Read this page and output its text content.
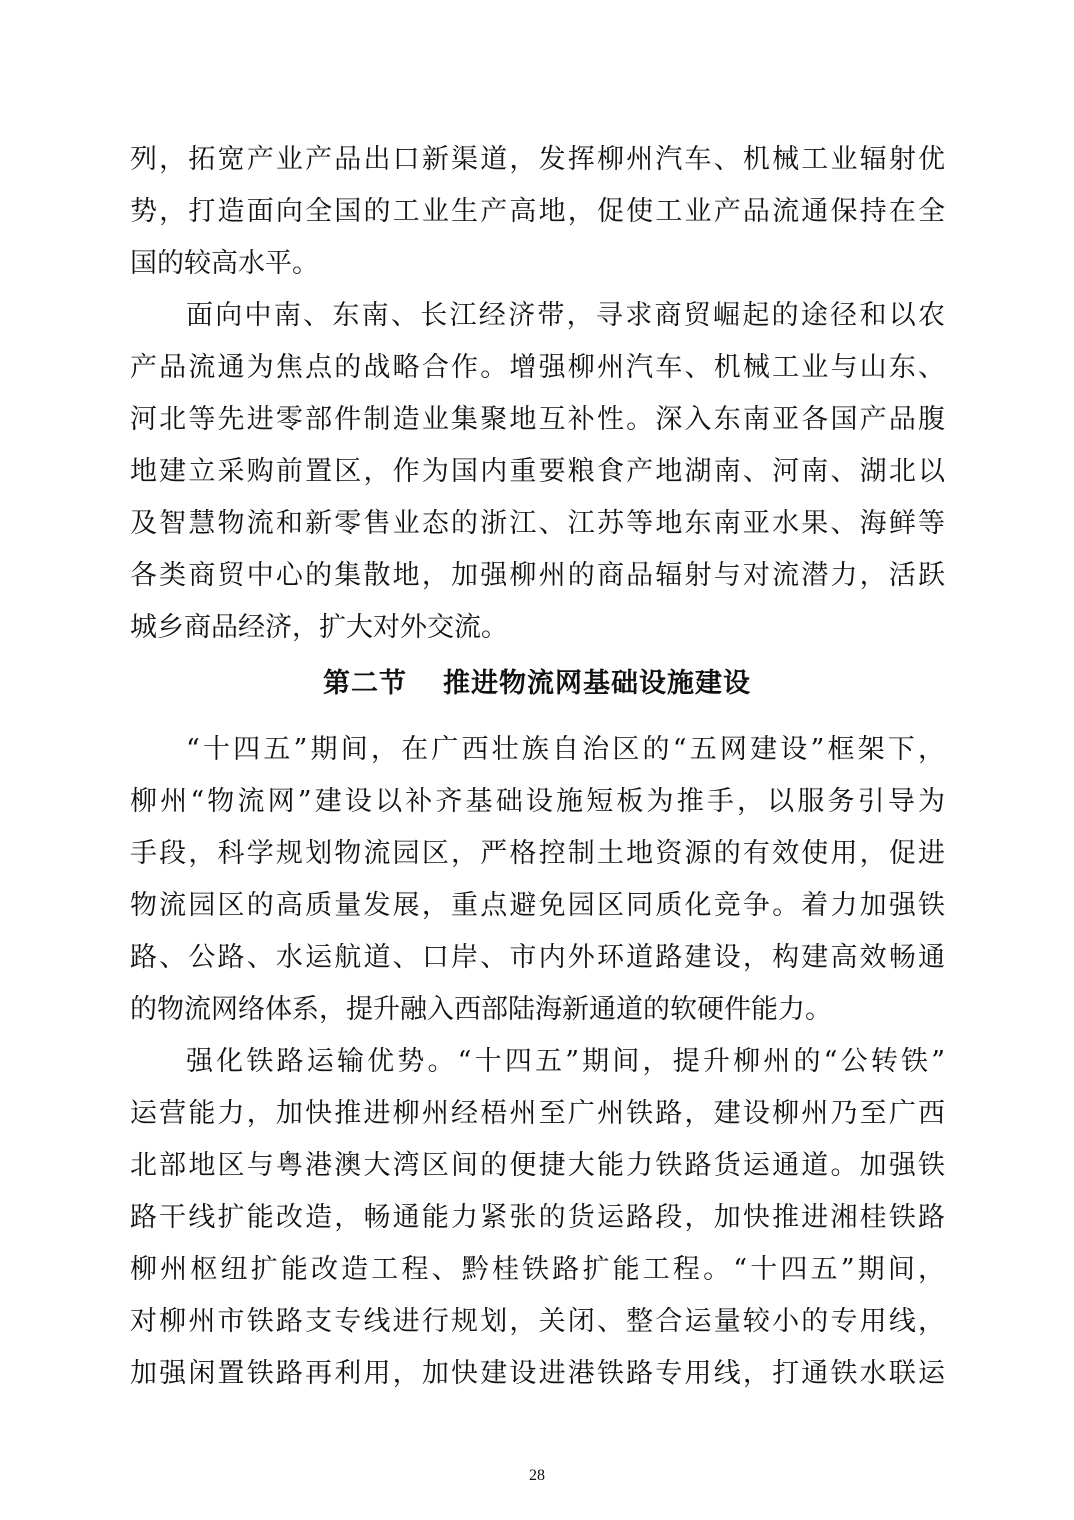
列，拓宽产业产品出口新渠道，发挥柳州汽车、机械工业辐射优
势，打造面向全国的工业生产高地，促使工业产品流通保持在全
国的较高水平。
面向中南、东南、长江经济带，寻求商贸崛起的途径和以农
产品流通为焦点的战略合作。增强柳州汽车、机械工业与山东、
河北等先进零部件制造业集聚地互补性。深入东南亚各国产品腹
地建立采购前置区，作为国内重要粮食产地湖南、河南、湖北以
及智慧物流和新零售业态的浙江、江苏等地东南亚水果、海鲜等
各类商贸中心的集散地，加强柳州的商品辐射与对流潜力，活跃
城乡商品经济，扩大对外交流。
第二节 推进物流网基础设施建设
“十四五”期间，在广西壮族自治区的“五网建设”框架下，
柳州“物流网”建设以补齐基础设施短板为推手，以服务引导为
手段，科学规划物流园区，严格控制土地资源的有效使用，促进
物流园区的高质量发展，重点避免园区同质化竞争。着力加强铁
路、公路、水运航道、口岸、市内外环道路建设，构建高效畅通
的物流网络体系，提升融入西部陆海新通道的软硬件能力。
强化铁路运输优势。“十四五”期间，提升柳州的“公转铁”
运营能力，加快推进柳州经梧州至广州铁路，建设柳州乃至广西
北部地区与粤港澳大湾区间的便捷大能力铁路货运通道。加强铁
路干线扩能改造，畅通能力紧张的货运路段，加快推进湘桂铁路
柳州枢纽扩能改造工程、黔桂铁路扩能工程。“十四五”期间，
对柳州市铁路支专线进行规划，关闭、整合运量较小的专用线，
加强闲置铁路再利用，加快建设进港铁路专用线，打通铁水联运
28
